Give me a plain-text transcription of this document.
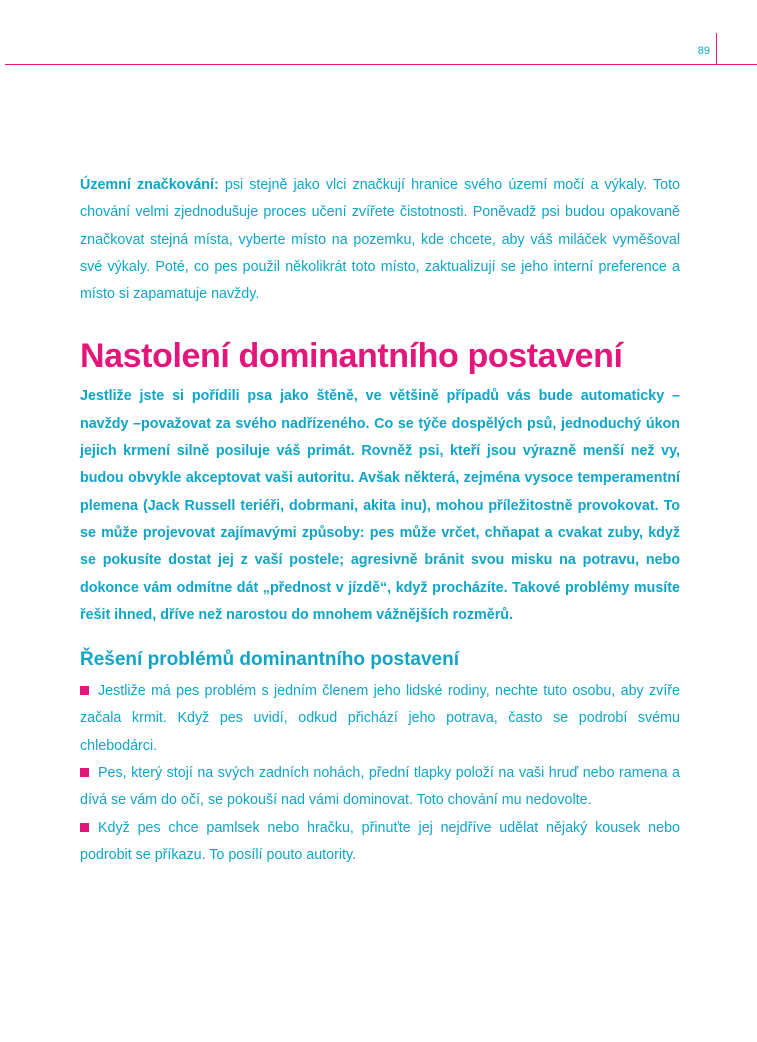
89

Územní značkování: psi stejně jako vlci značkují hranice svého území močí a výkaly. Toto chování velmi zjednodušuje proces učení zvířete čistotnosti. Poněvadž psi budou opakovaně značkovat stejná místa, vyberte místo na pozemku, kde chcete, aby váš miláček vyměšoval své výkaly. Poté, co pes použil několikrát toto místo, zaktualizují se jeho interní preference a místo si zapamatuje navždy.

Nastolení dominantního postavení

Jestliže jste si pořídili psa jako štěně, ve většině případů vás bude automaticky – navždy –považovat za svého nadřízeného. Co se týče dospělých psů, jednoduchý úkon jejich krmení silně posiluje váš primát. Rovněž psi, kteří jsou výrazně menší než vy, budou obvykle akceptovat vaši autoritu. Avšak některá, zejména vysoce temperamentní plemena (Jack Russell teriéři, dobrmani, akita inu), mohou příležitostně provokovat. To se může projevovat zajímavými způsoby: pes může vrčet, chňapat a cvakat zuby, když se pokusíte dostat jej z vaší postele; agresivně bránit svou misku na potravu, nebo dokonce vám odmítne dát „přednost v jízdě“, když procházíte. Takové problémy musíte řešit ihned, dříve než narostou do mnohem vážnějších rozměrů.

Řešení problémů dominantního postavení
Jestliže má pes problém s jedním členem jeho lidské rodiny, nechte tuto osobu, aby zvíře začala krmit. Když pes uvidí, odkud přichází jeho potrava, často se podrobí svému chlebodárci.
Pes, který stojí na svých zadních nohách, přední tlapky položí na vaši hruď nebo ramena a dívá se vám do očí, se pokouší nad vámi dominovat. Toto chování mu nedovolte.
Když pes chce pamlsek nebo hračku, přinuťte jej nejdříve udělat nějaký kousek nebo podrobit se příkazu. To posílí pouto autority.
